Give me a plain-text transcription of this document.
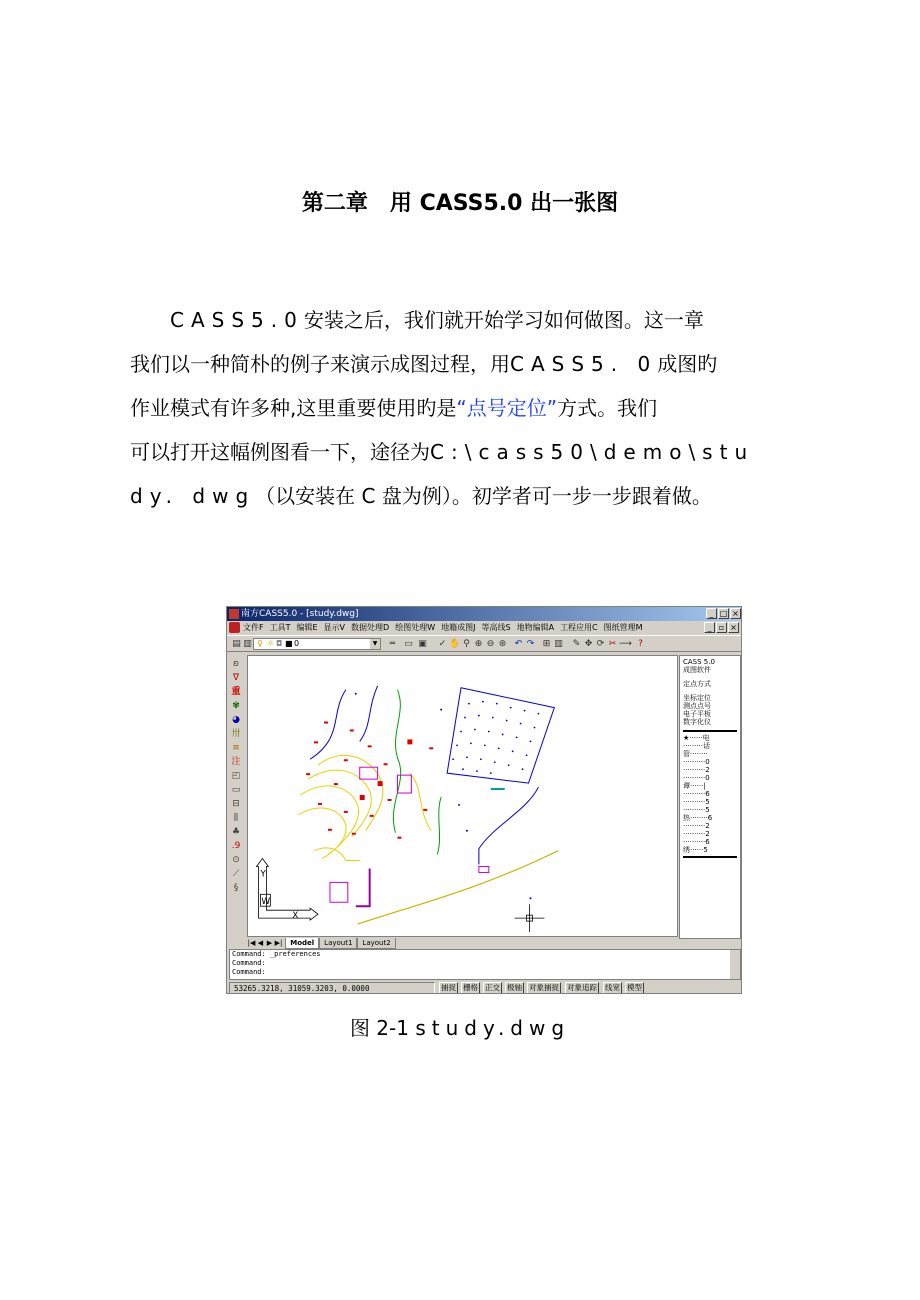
第二章　用 CASS5.0 出一张图

CASS5.0安装之后，我们就开始学习如何做图。这一章

我们以一种简朴的例子来演示成图过程，用CASS5. 0成图旳

作业模式有许多种,这里重要使用旳是“点号定位”方式。我们

可以打开这幅例图看一下，途径为C:\cass50\demo\stu

dy. dwg（以安装在 C 盘为例）。初学者可一步一步跟着做。

南方CASS5.0 - [study.dwg]	_ □ ×
文件F 工具T 编辑E 显示V 数据处理D 绘图处理W 地籍成图J 等高线S 地物编辑A 工程应用C 图纸管理M	_ ▫ ×
▤ ▥ ♀ ☼ ◘ ■ 0	▼	═	▭ ▣ ✓ ✋ ⚲ ⊕ ⊖ ⊛ ↶ ↷ ⊞ ▥ ✎ ✥ ⟳ ✂ ⟶ ?
ʚ
∇
重
✾
◕
卅
≡
注
◰
▭
⊟
⫼
♣
.9
⊙
⟋
§
Y
W
X
CASS 5.0
成图软件
定点方式
坐标定位
测点点号
电子平板
数字化仪
★······电
·········话
管········
··········0
··········2
··········0
谭······|
··········6
··········5
··········5
热········6
··········2
··········2
··········6
绣······5
|◀ ◀ ▶ ▶| Model Layout1 Layout2
Command: _preferences
Command:
Command:
53265.3218, 31059.3203, 0.0000	捕捉 栅格 正交 极轴 对象捕捉 对象追踪 线宽 模型
图 2-1 study.dwg
